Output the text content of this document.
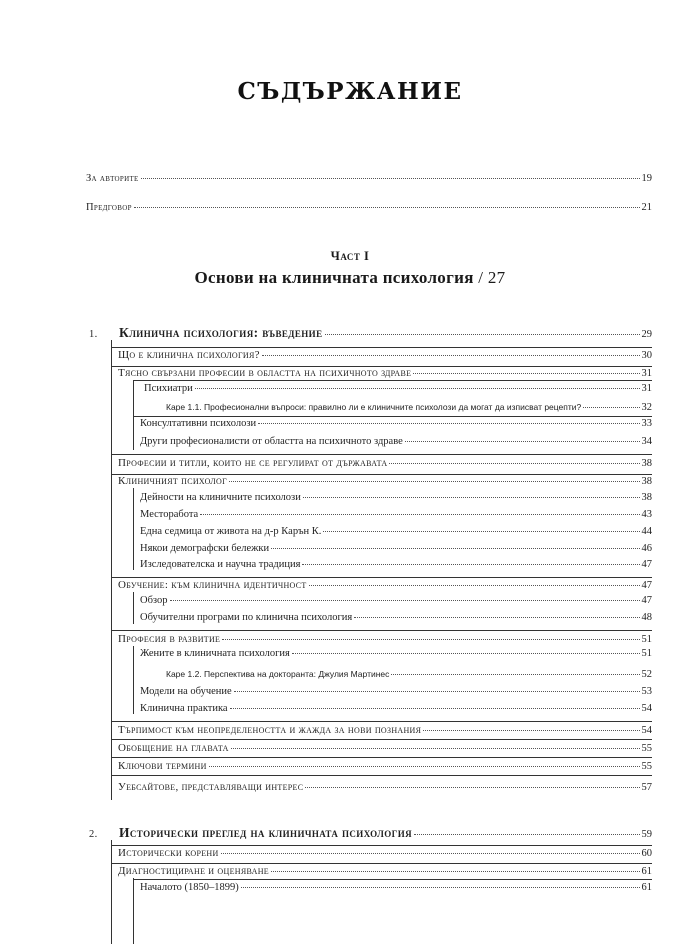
СЪДЪРЖАНИЕ
За авторите	19
Предговор	21
Част I
Основи на клиничната психология / 27
1. Клинична психология: въведение	29
Що е клинична психология?	30
Тясно свързани професии в областта на психичното здраве	31
Психиатри	31
Каре 1.1. Професионални въпроси: правилно ли е клиничните психолози да могат да изписват рецепти?	32
Консултативни психолози	33
Други професионалисти от областта на психичното здраве	34
Професии и титли, които не се регулират от държавата	38
Клиничният психолог	38
Дейности на клиничните психолози	38
Месторабота	43
Една седмица от живота на д-р Карън К.	44
Някои демографски бележки	46
Изследователска и научна традиция	47
Обучение: към клинична идентичност	47
Обзор	47
Обучителни програми по клинична психология	48
Професия в развитие	51
Жените в клиничната психология	51
Каре 1.2. Перспектива на докторанта: Джулия Мартинес	52
Модели на обучение	53
Клинична практика	54
Търпимост към неопределеността и жажда за нови познания	54
Обобщение на главата	55
Ключови термини	55
Уебсайтове, представляващи интерес	57
2. Исторически преглед на клиничната психология	59
Исторически корени	60
Диагностициране и оценяване	61
Началото (1850–1899)	61
